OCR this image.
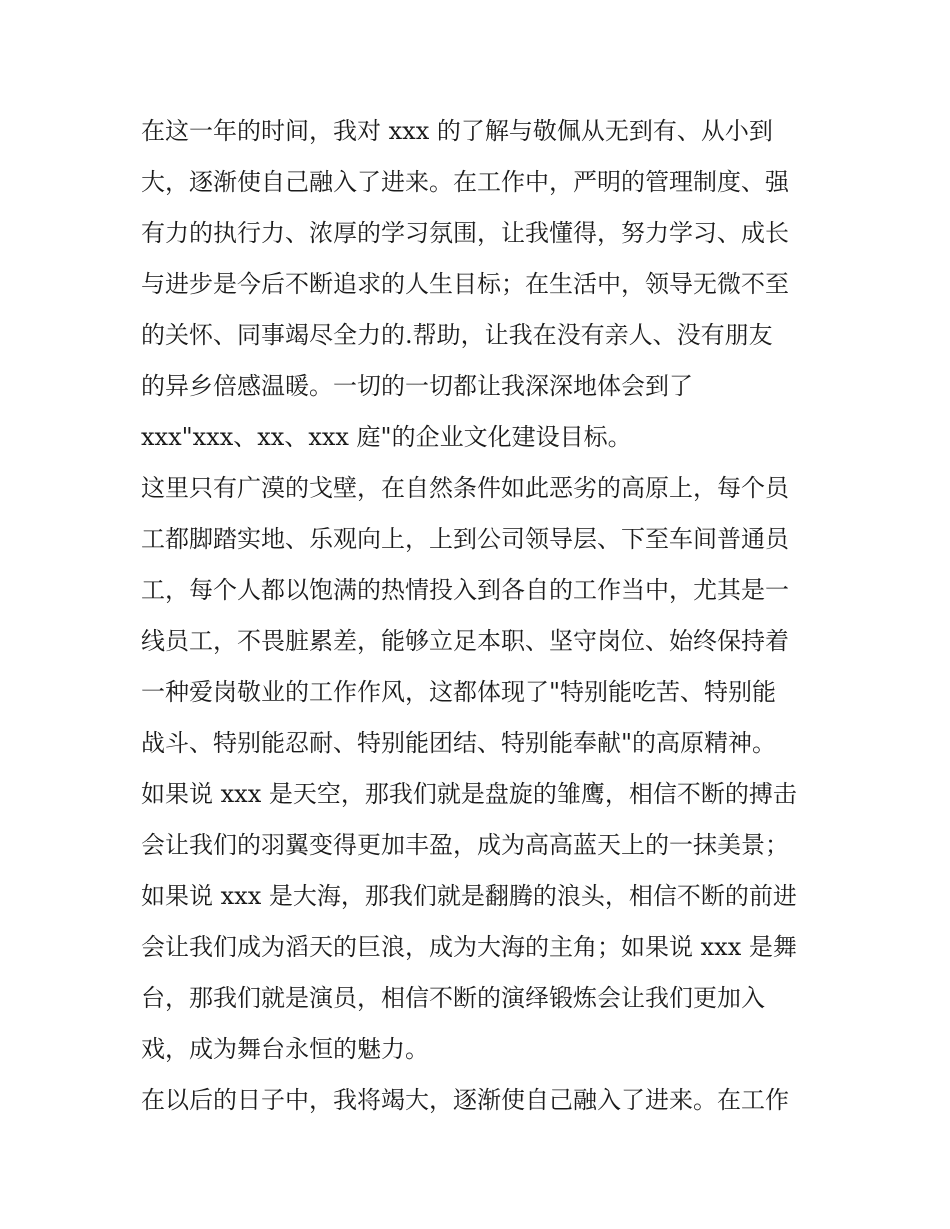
在这一年的时间，我对 xxx 的了解与敬佩从无到有、从小到
大，逐渐使自己融入了进来。在工作中，严明的管理制度、强
有力的执行力、浓厚的学习氛围，让我懂得，努力学习、成长
与进步是今后不断追求的人生目标；在生活中，领导无微不至
的关怀、同事竭尽全力的.帮助，让我在没有亲人、没有朋友
的异乡倍感温暖。一切的一切都让我深深地体会到了
xxx"xxx、xx、xxx 庭"的企业文化建设目标。
这里只有广漠的戈壁，在自然条件如此恶劣的高原上，每个员
工都脚踏实地、乐观向上，上到公司领导层、下至车间普通员
工，每个人都以饱满的热情投入到各自的工作当中，尤其是一
线员工，不畏脏累差，能够立足本职、坚守岗位、始终保持着
一种爱岗敬业的工作作风，这都体现了"特别能吃苦、特别能
战斗、特别能忍耐、特别能团结、特别能奉献"的高原精神。
如果说 xxx 是天空，那我们就是盘旋的雏鹰，相信不断的搏击
会让我们的羽翼变得更加丰盈，成为高高蓝天上的一抹美景；
如果说 xxx 是大海，那我们就是翻腾的浪头，相信不断的前进
会让我们成为滔天的巨浪，成为大海的主角；如果说 xxx 是舞
台，那我们就是演员，相信不断的演绎锻炼会让我们更加入
戏，成为舞台永恒的魅力。
在以后的日子中，我将竭大，逐渐使自己融入了进来。在工作
